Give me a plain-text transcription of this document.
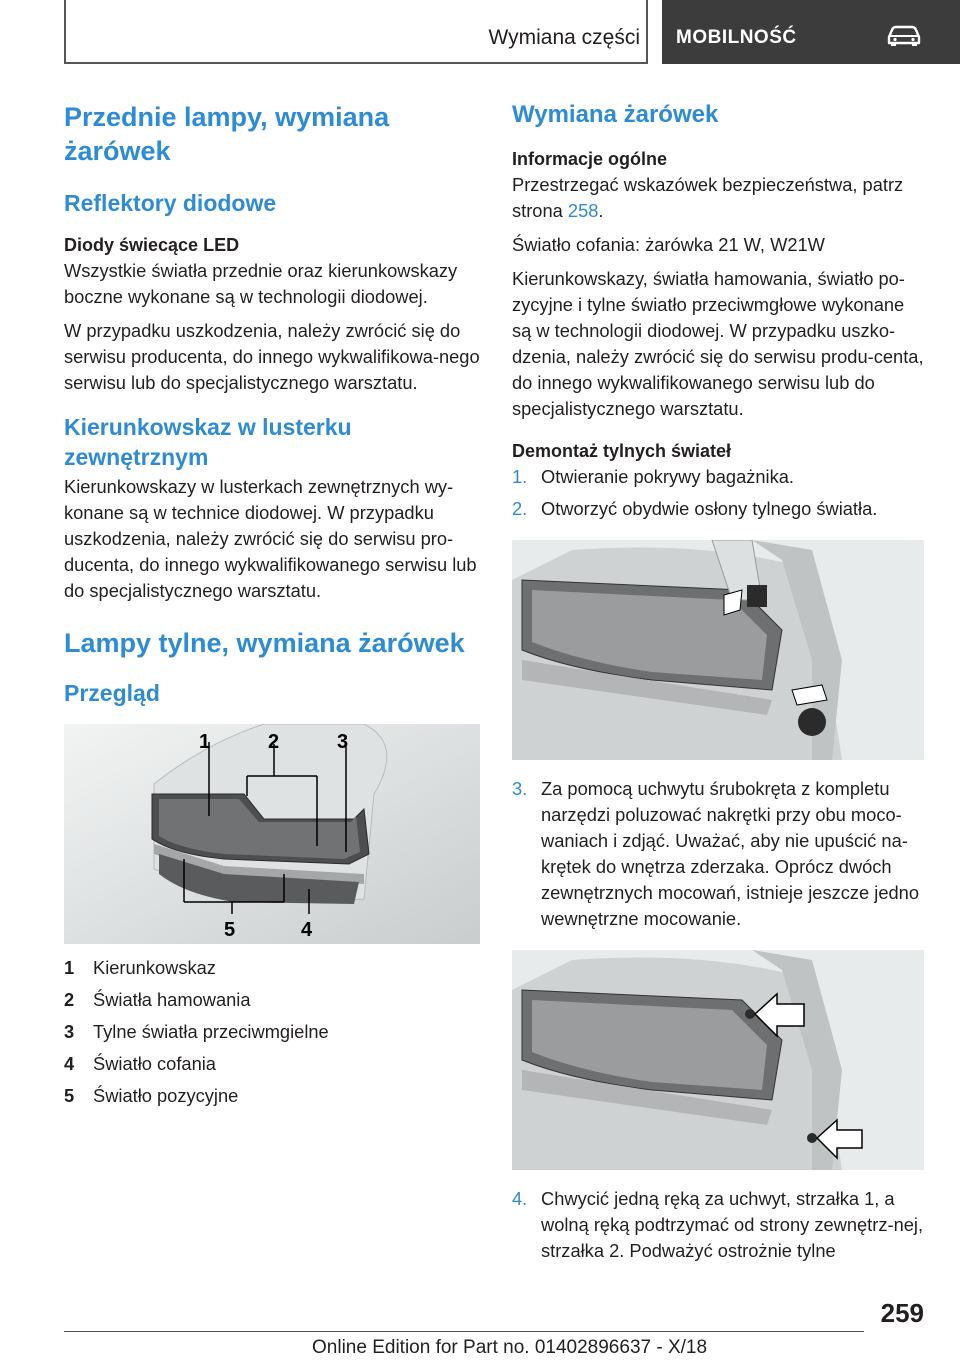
Wymiana części MOBILNOŚĆ
Przednie lampy, wymiana żarówek
Reflektory diodowe
Diody świecące LED

Wszystkie światła przednie oraz kierunkowskazy boczne wykonane są w technologii diodowej.

W przypadku uszkodzenia, należy zwrócić się do serwisu producenta, do innego wykwalifikowa-nego serwisu lub do specjalistycznego warsztatu.

Kierunkowskaz w lusterku zewnętrznym

Kierunkowskazy w lusterkach zewnętrznych wy-konane są w technice diodowej. W przypadku uszkodzenia, należy zwrócić się do serwisu pro-ducenta, do innego wykwalifikowanego serwisu lub do specjalistycznego warsztatu.

Lampy tylne, wymiana żarówek
Przegląd
1	2	3
5	4
1 Kierunkowskaz
2 Światła hamowania
3 Tylne światła przeciwmgielne
4 Światło cofania
5 Światło pozycyjne
Wymiana żarówek
Informacje ogólne

Przestrzegać wskazówek bezpieczeństwa, patrz strona 258.

Światło cofania: żarówka 21 W, W21W

Kierunkowskazy, światła hamowania, światło po-zycyjne i tylne światło przeciwmgłowe wykonane są w technologii diodowej. W przypadku uszko-dzenia, należy zwrócić się do serwisu produ-centa, do innego wykwalifikowanego serwisu lub do specjalistycznego warsztatu.

Demontaż tylnych świateł
1. Otwieranie pokrywy bagażnika.
2. Otworzyć obydwie osłony tylnego światła.
3. Za pomocą uchwytu śrubokręta z kompletu narzędzi poluzować nakrętki przy obu moco-waniach i zdjąć. Uważać, aby nie upuścić na-krętek do wnętrza zderzaka. Oprócz dwóch zewnętrznych mocowań, istnieje jeszcze jedno wewnętrzne mocowanie.
4. Chwycić jedną ręką za uchwyt, strzałka 1, a wolną ręką podtrzymać od strony zewnętrz-nej, strzałka 2. Podważyć ostrożnie tylne
259
Online Edition for Part no. 01402896637 - X/18
